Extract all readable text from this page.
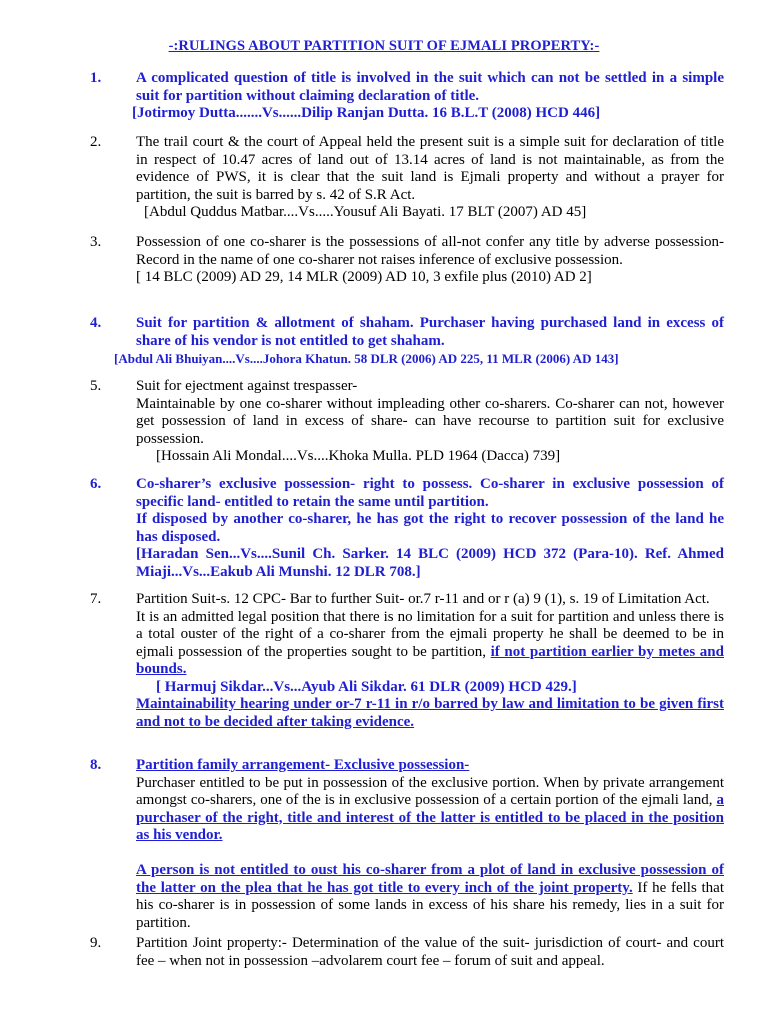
-:RULINGS ABOUT PARTITION SUIT OF EJMALI PROPERTY:-
1. A complicated question of title is involved in the suit which can not be settled in a simple suit for partition without claiming declaration of title.

[Jotirmoy Dutta.......Vs......Dilip Ranjan Dutta. 16 B.L.T (2008) HCD 446]

2. The trail court & the court of Appeal held the present suit is a simple suit for declaration of title in respect of 10.47 acres of land out of 13.14 acres of land is not maintainable, as from the evidence of PWS, it is clear that the suit land is Ejmali property and without a prayer for partition, the suit is barred by s. 42 of S.R Act.

[Abdul Quddus Matbar....Vs.....Yousuf Ali Bayati. 17 BLT (2007) AD 45]

3. Possession of one co-sharer is the possessions of all-not confer any title by adverse possession- Record in the name of one co-sharer not raises inference of exclusive possession.

[ 14 BLC (2009) AD 29, 14 MLR (2009) AD 10, 3 exfile plus (2010) AD 2]

4. Suit for partition & allotment of shaham. Purchaser having purchased land in excess of share of his vendor is not entitled to get shaham.

[Abdul Ali Bhuiyan....Vs....Johora Khatun. 58 DLR (2006) AD 225, 11 MLR (2006) AD 143]

5. Suit for ejectment against trespasser-

Maintainable by one co-sharer without impleading other co-sharers. Co-sharer can not, however get possession of land in excess of share- can have recourse to partition suit for exclusive possession.

[Hossain Ali Mondal....Vs....Khoka Mulla. PLD 1964 (Dacca) 739]

6. Co-sharer’s exclusive possession- right to possess. Co-sharer in exclusive possession of specific land- entitled to retain the same until partition.

If disposed by another co-sharer, he has got the right to recover possession of the land he has disposed.

[Haradan Sen...Vs....Sunil Ch. Sarker. 14 BLC (2009) HCD 372 (Para-10). Ref. Ahmed Miaji...Vs...Eakub Ali Munshi. 12 DLR 708.]

7. Partition Suit-s. 12 CPC- Bar to further Suit- or.7 r-11 and or r (a) 9 (1), s. 19 of Limitation Act.

It is an admitted legal position that there is no limitation for a suit for partition and unless there is a total ouster of the right of a co-sharer from the ejmali property he shall be deemed to be in ejmali possession of the properties sought to be partition, if not partition earlier by metes and bounds.

[ Harmuj Sikdar...Vs...Ayub Ali Sikdar. 61 DLR (2009) HCD 429.]

Maintainability hearing under or-7 r-11 in r/o barred by law and limitation to be given first and not to be decided after taking evidence.

8. Partition family arrangement- Exclusive possession-

Purchaser entitled to be put in possession of the exclusive portion. When by private arrangement amongst co-sharers, one of the is in exclusive possession of a certain portion of the ejmali land, a purchaser of the right, title and interest of the latter is entitled to be placed in the position as his vendor.

A person is not entitled to oust his co-sharer from a plot of land in exclusive possession of the latter on the plea that he has got title to every inch of the joint property. If he fells that his co-sharer is in possession of some lands in excess of his share his remedy, lies in a suit for partition.

9. Partition Joint property:- Determination of the value of the suit- jurisdiction of court- and court fee – when not in possession –advolarem court fee – forum of suit and appeal.
